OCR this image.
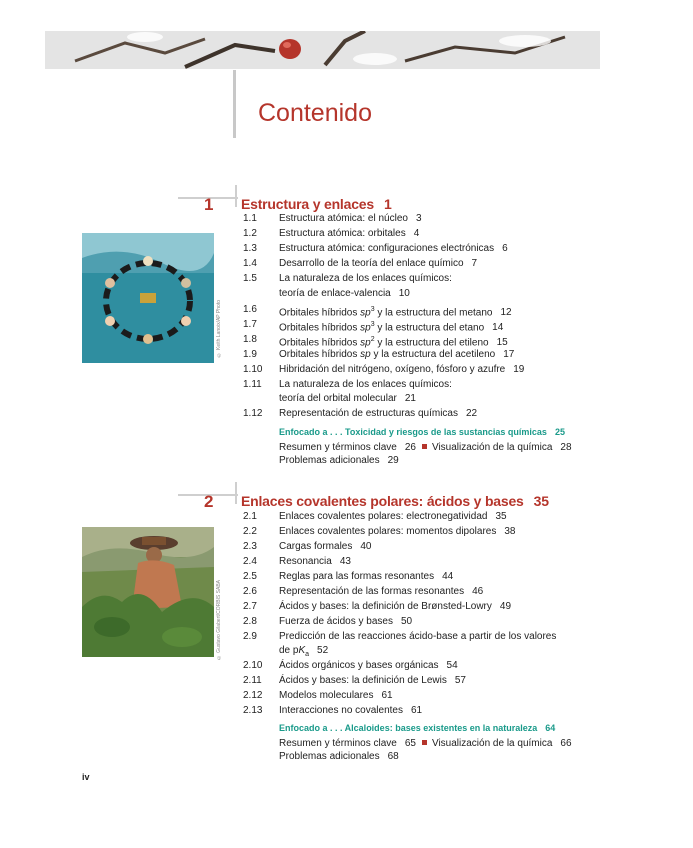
Contenido
1 Estructura y enlaces 1
© Keith Lanoix/AP Photo
1.1 Estructura atómica: el núcleo 3
1.2 Estructura atómica: orbitales 4
1.3 Estructura atómica: configuraciones electrónicas 6
1.4 Desarrollo de la teoría del enlace químico 7
1.5 La naturaleza de los enlaces químicos:
teoría de enlace-valencia 10
1.6 Orbitales híbridos $sp^3$ y la estructura del metano 12
1.7 Orbitales híbridos $sp^3$ y la estructura del etano 14
1.8 Orbitales híbridos $sp^2$ y la estructura del etileno 15
1.9 Orbitales híbridos sp y la estructura del acetileno 17
1.10 Hibridación del nitrógeno, oxígeno, fósforo y azufre 19
1.11 La naturaleza de los enlaces químicos:
teoría del orbital molecular 21
1.12 Representación de estructuras químicas 22
Enfocado a . . . Toxicidad y riesgos de las sustancias químicas 25
Resumen y términos clave 26 Visualización de la química 28
Problemas adicionales 29
2 Enlaces covalentes polares: ácidos y bases 35
© Gustavo Gilabert/CORBIS SABA
2.1 Enlaces covalentes polares: electronegatividad 35
2.2 Enlaces covalentes polares: momentos dipolares 38
2.3 Cargas formales 40
2.4 Resonancia 43
2.5 Reglas para las formas resonantes 44
2.6 Representación de las formas resonantes 46
2.7 Ácidos y bases: la definición de Brønsted-Lowry 49
2.8 Fuerza de ácidos y bases 50
2.9 Predicción de las reacciones ácido-base a partir de los valores
de $pK_a$ 52
2.10 Ácidos orgánicos y bases orgánicas 54
2.11 Ácidos y bases: la definición de Lewis 57
2.12 Modelos moleculares 61
2.13 Interacciones no covalentes 61
Enfocado a . . . Alcaloides: bases existentes en la naturaleza 64
Resumen y términos clave 65 Visualización de la química 66
Problemas adicionales 68
iv
